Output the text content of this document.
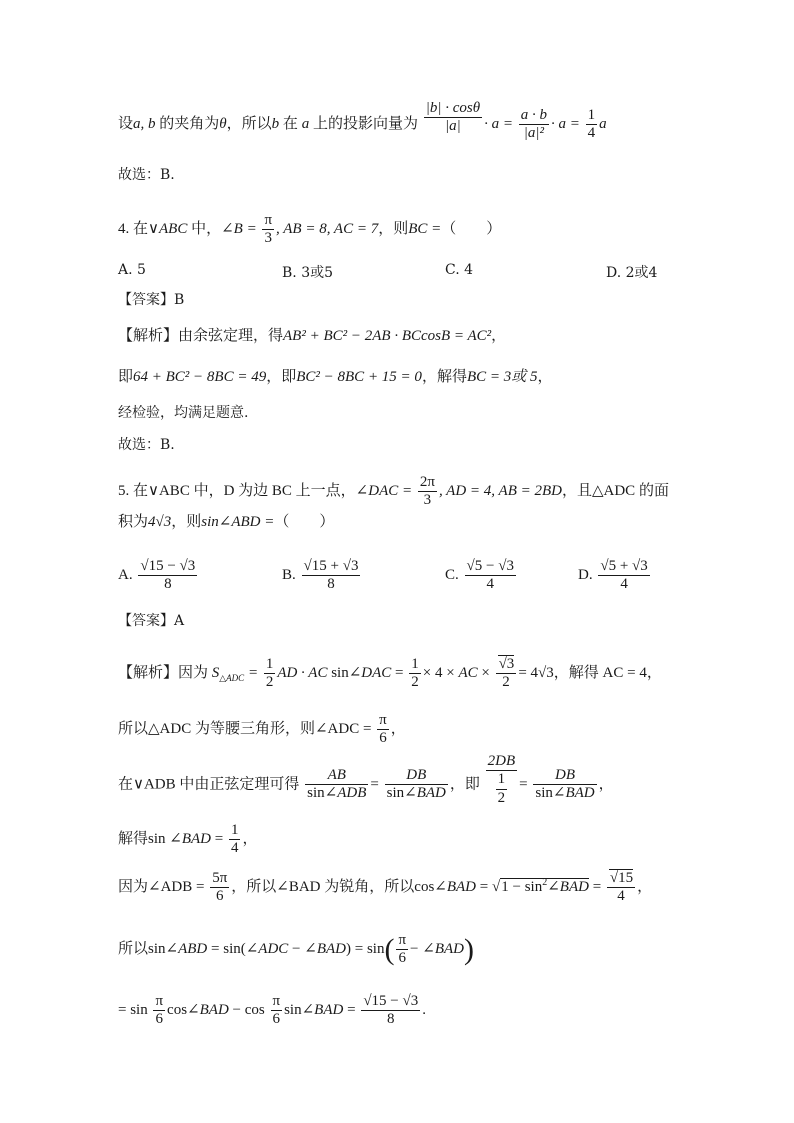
设a, b 的夹角为θ，所以b 在 a 上的投影向量为 $\frac{|b| \cdot \cos\theta}{|a|} \cdot a = \frac{a \cdot b}{\text{|a|²}} \cdot a = \frac{1}{4}$ a
故选：B.
4. 在∨ABC 中，∠B = $\frac{\pi}{3}$ , AB = 8, AC = 7，则BC =（　　）
A. 5	B. 3或5	C. 4	D. 2或4
【答案】B
【解析】由余弦定理，得AB² + BC² − 2AB · BCcosB = AC²，
即64 + BC² − 8BC = 49，即BC² − 8BC + 15 = 0，解得BC = 3或 5，
经检验，均满足题意.
故选：B.
5. 在∨ABC 中，D 为边 BC 上一点，∠DAC = $\frac{2\pi}{3}$ , AD = 4, AB = 2BD，且△ADC 的面
积为4√3，则sin∠ABD =（　　）
A. $\frac{√15 - √3}{8}$	B. $\frac{√15 + √3}{8}$	C. $\frac{√5 - √3}{4}$	D. $\frac{√5 + √3}{4}$
【答案】A
【解析】因为 $S_{\triangle ADC} = \frac{1}{2}$ AD · AC sin∠DAC = $\frac{1}{2} \times 4$ × AC × $\frac{√3}{2} = 4√3$，解得 AC = 4，
所以△ADC 为等腰三角形，则∠ADC = $\frac{\pi}{6}$ ，
在∨ADB 中由正弦定理可得 $\frac{AB}{\text{sin∠ADB}} = \frac{DB}{\text{sin∠BAD}}$ ，即 $\frac{2DB}{\frac{1}{2}} = \frac{DB}{\text{sin∠BAD}}$ ，
解得sin ∠BAD = $\frac{1}{4}$ ，
因为∠ADB = $\frac{5\pi}{6}$ ，所以∠BAD 为锐角，所以cos∠BAD = $√1 - \sin^2\angle BAD = \frac{√15}{4}$ ，
所以sin∠ABD = sin(∠ADC − ∠BAD) = $\sin( \frac{\pi}{6}$ − ∠BAD)
= $\sin \frac{\pi}{6}$ cos∠BAD − $\cos \frac{\pi}{6}$ sin∠BAD = $\frac{√15 - √3}{8}$ .
